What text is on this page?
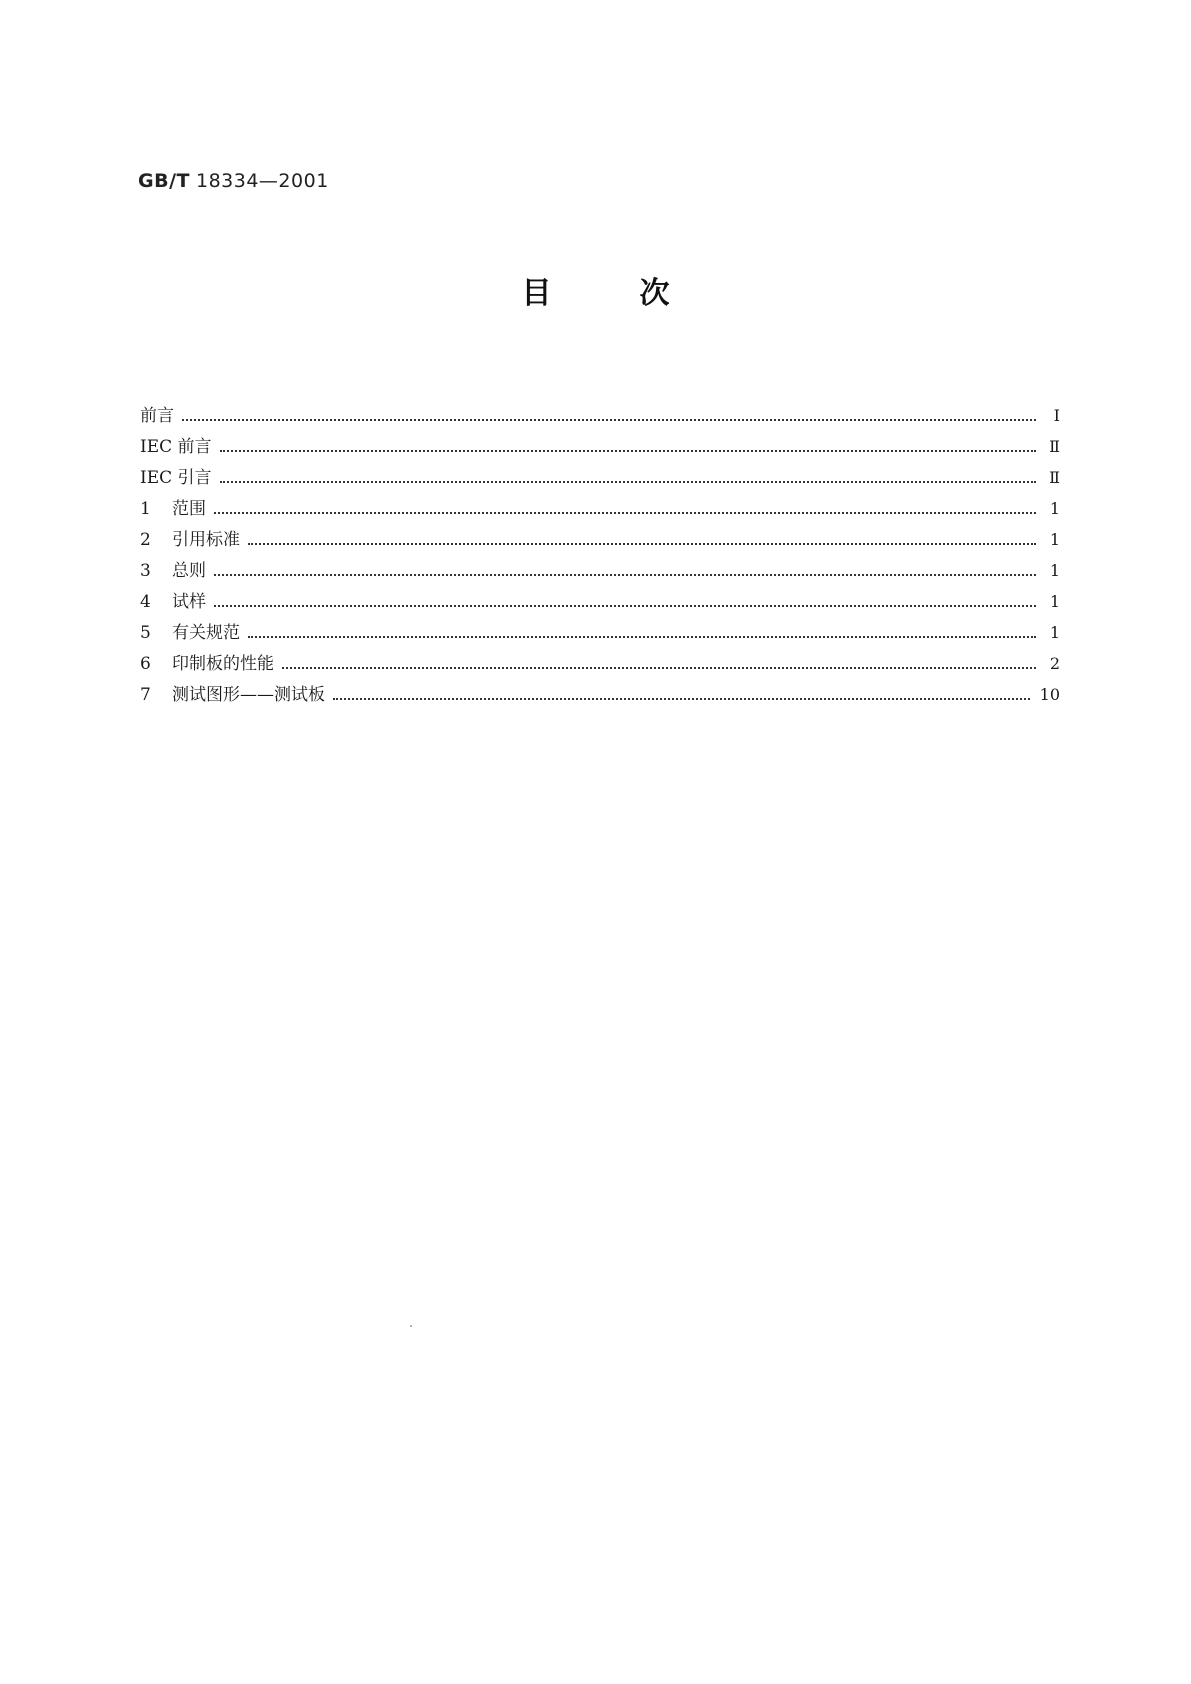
GB/T 18334—2001
目次
前言	Ⅰ
IEC 前言	Ⅱ
IEC 引言	Ⅱ
1 范围	1
2 引用标准	1
3 总则	1
4 试样	1
5 有关规范	1
6 印制板的性能	2
7 测试图形——测试板	10
